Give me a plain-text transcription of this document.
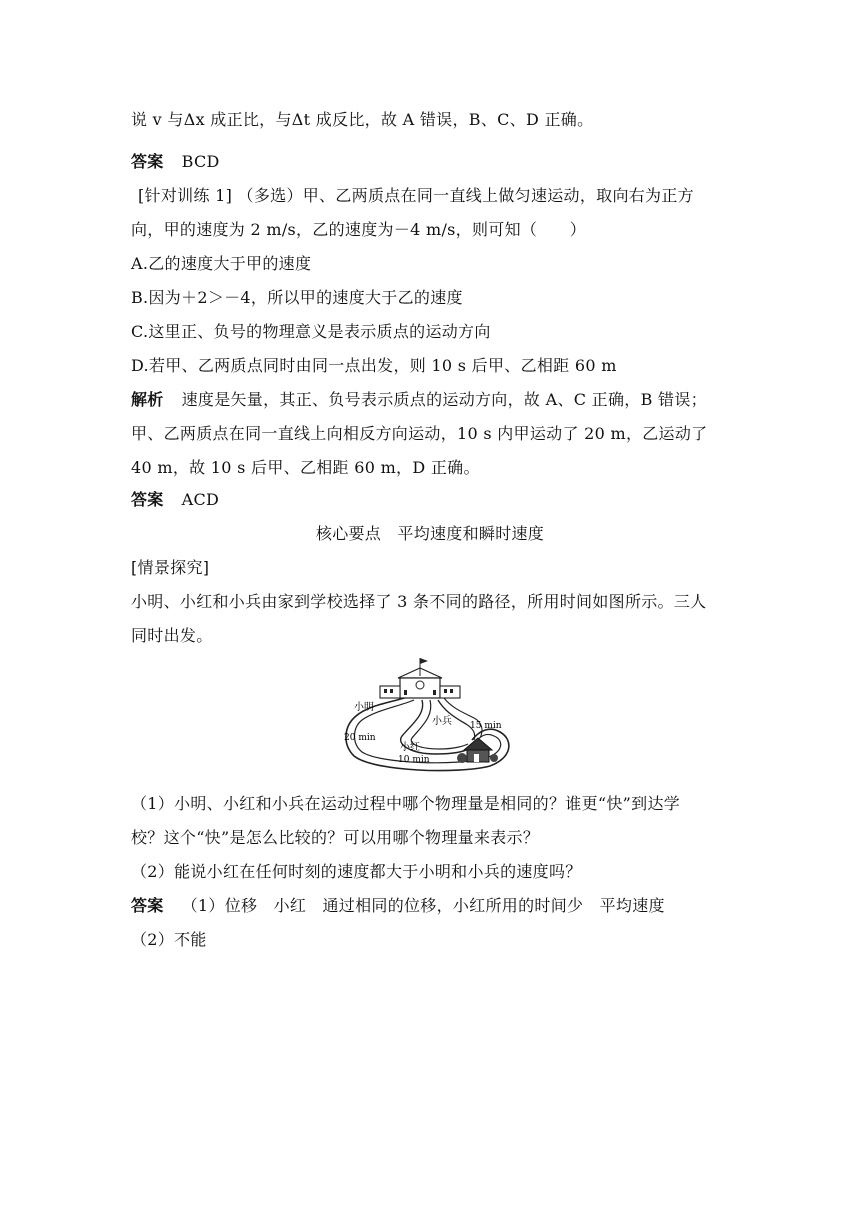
说 v 与Δx 成正比，与Δt 成反比，故 A 错误，B、C、D 正确。
答案 BCD
[针对训练 1] （多选）甲、乙两质点在同一直线上做匀速运动，取向右为正方
向，甲的速度为 2 m/s，乙的速度为－4 m/s，则可知（　　）
A.乙的速度大于甲的速度
B.因为＋2＞－4，所以甲的速度大于乙的速度
C.这里正、负号的物理意义是表示质点的运动方向
D.若甲、乙两质点同时由同一点出发，则 10 s 后甲、乙相距 60 m
解析 速度是矢量，其正、负号表示质点的运动方向，故 A、C 正确，B 错误；
甲、乙两质点在同一直线上向相反方向运动，10 s 内甲运动了 20 m，乙运动了
40 m，故 10 s 后甲、乙相距 60 m，D 正确。
答案 ACD
核心要点　平均速度和瞬时速度
[情景探究]
小明、小红和小兵由家到学校选择了 3 条不同的路径，所用时间如图所示。三人
同时出发。
小明
20 min
小兵 15 min
小红
10 min
（1）小明、小红和小兵在运动过程中哪个物理量是相同的？谁更“快”到达学
校？这个“快”是怎么比较的？可以用哪个物理量来表示？
（2）能说小红在任何时刻的速度都大于小明和小兵的速度吗？
答案 （1）位移　小红　通过相同的位移，小红所用的时间少　平均速度
（2）不能
